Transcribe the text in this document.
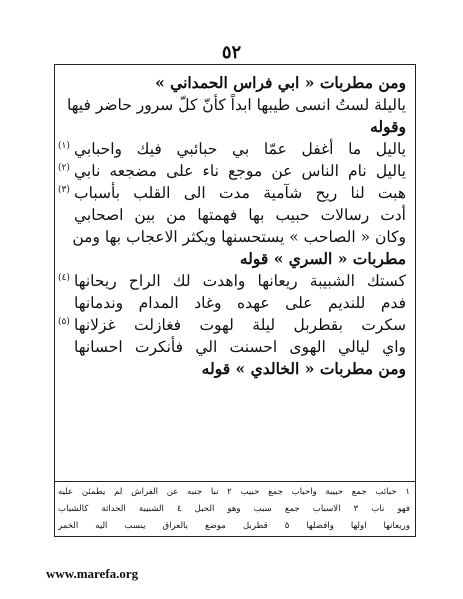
٥٢
ومن مطربات « ابي فراس الحمداني »
ياليلة لستُ انسى طيبها ابداً كأنّ كلّ سرور حاضر فيها
وقوله
ياليل ما أغفل عمّا بي حبائبي فيك واحبابي
(١)
ياليل نام الناس عن موجع ناء على مضجعه نابي
(٢)
هبت لنا ريح شآمية مدت الى القلب بأسباب
(٣)
أدت رسالات حبيب بها فهمتها من بين اصحابي
وكان « الصاحب » يستحسنها ويكثر الاعجاب بها ومن
مطربات « السري » قوله
كستك الشبيبة ريعانها واهدت لك الراح ريحانها
(٤)
فدم للنديم على عهده وغاد المدام وندمانها
سكرت بقطربل ليلة لهوت فغازلت غزلانها
(٥)
واي ليالي الهوى احسنت الي فأنكرت احسانها
ومن مطربات « الخالدي » قوله
١ حبائب جمع حبيبة واحباب جمع حبيب ٢ نبا جنبه عن الفراش لم يطمئن عليه
فهو ناب ٣ الاسباب جمع سبب وهو الحبل ٤ الشبيبة الحداثة كالشباب
وريعانها اولها وافضلها ٥ قطربل موضع بالعراق ينسب اليه الخمر
www.marefa.org
